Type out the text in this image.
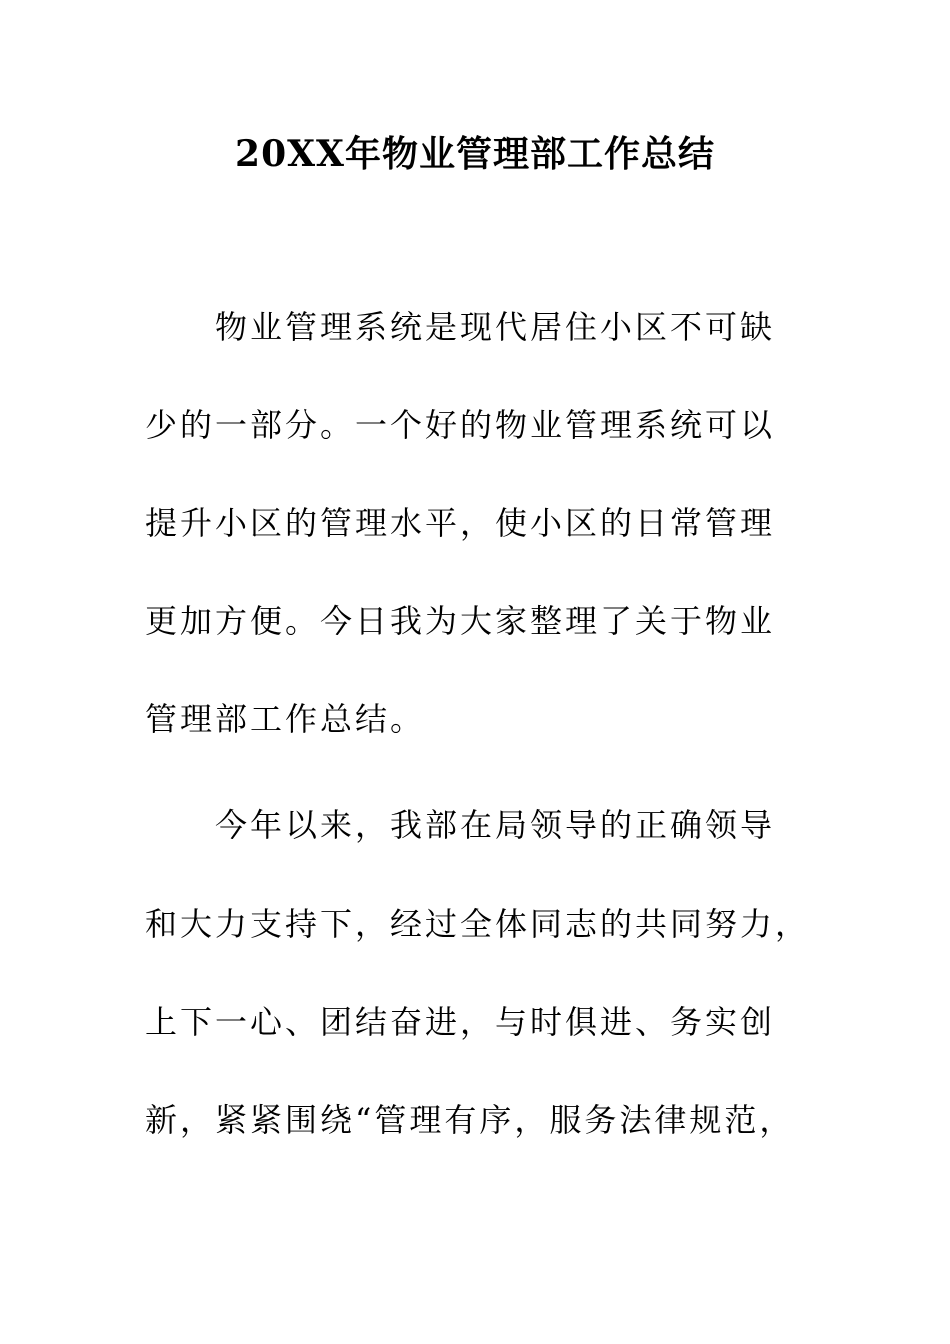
20XX年物业管理部工作总结
　　物业管理系统是现代居住小区不可缺
少的一部分。一个好的物业管理系统可以
提升小区的管理水平，使小区的日常管理
更加方便。今日我为大家整理了关于物业
管理部工作总结。
　　今年以来，我部在局领导的正确领导
和大力支持下，经过全体同志的共同努力，
上下一心、团结奋进，与时俱进、务实创
新，紧紧围绕“管理有序，服务法律规范，
